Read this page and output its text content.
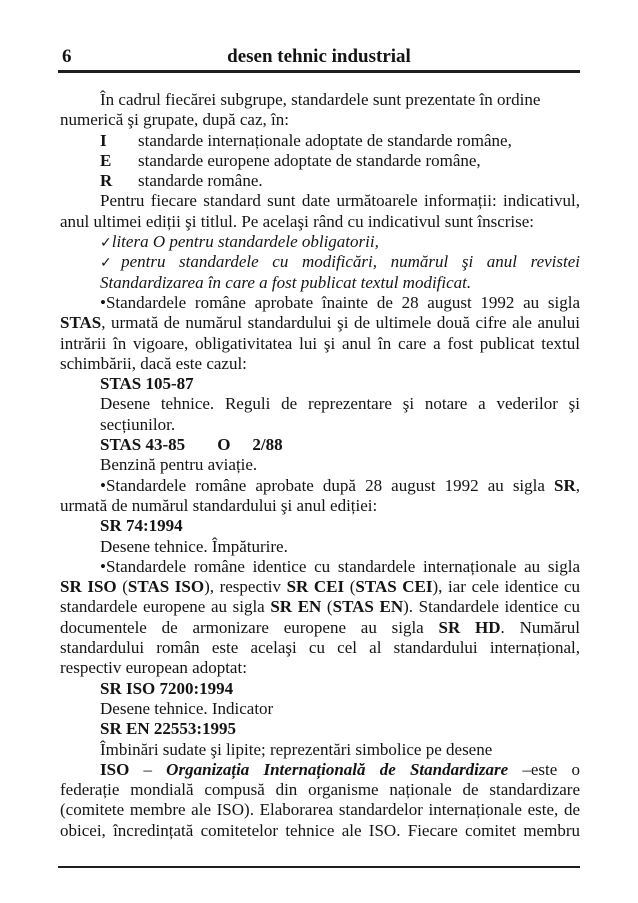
6	desen tehnic industrial
În cadrul fiecărei subgrupe, standardele sunt prezentate în ordine
numerică şi grupate, după caz, în:
I standarde internaționale adoptate de standarde române,
E standarde europene adoptate de standarde române,
R standarde române.
Pentru fiecare standard sunt date următoarele informații: indicativul,
anul ultimei ediții şi titlul. Pe acelaşi rând cu indicativul sunt înscrise:
✓litera O pentru standardele obligatorii,
✓pentru standardele cu modificări, numărul şi anul revistei
Standardizarea în care a fost publicat textul modificat.
•Standardele române aprobate înainte de 28 august 1992 au sigla
STAS, urmată de numărul standardului şi de ultimele două cifre ale anului
intrării în vigoare, obligativitatea lui şi anul în care a fost publicat textul
schimbării, dacă este cazul:
STAS 105-87
Desene tehnice. Reguli de reprezentare şi notare a vederilor şi
secțiunilor.
STAS 43-85 O 2/88
Benzină pentru aviație.
•Standardele române aprobate după 28 august 1992 au sigla SR,
urmată de numărul standardului şi anul ediției:
SR 74:1994
Desene tehnice. Împăturire.
•Standardele române identice cu standardele internaționale au sigla
SR ISO (STAS ISO), respectiv SR CEI (STAS CEI), iar cele identice cu
standardele europene au sigla SR EN (STAS EN). Standardele identice cu
documentele de armonizare europene au sigla SR HD. Numărul
standardului român este acelaşi cu cel al standardului internațional,
respectiv european adoptat:
SR ISO 7200:1994
Desene tehnice. Indicator
SR EN 22553:1995
Îmbinări sudate şi lipite; reprezentări simbolice pe desene
ISO – Organizația Internațională de Standardizare –este o
federație mondială compusă din organisme naționale de standardizare
(comitete membre ale ISO). Elaborarea standardelor internaționale este, de
obicei, încredințată comitetelor tehnice ale ISO. Fiecare comitet membru
